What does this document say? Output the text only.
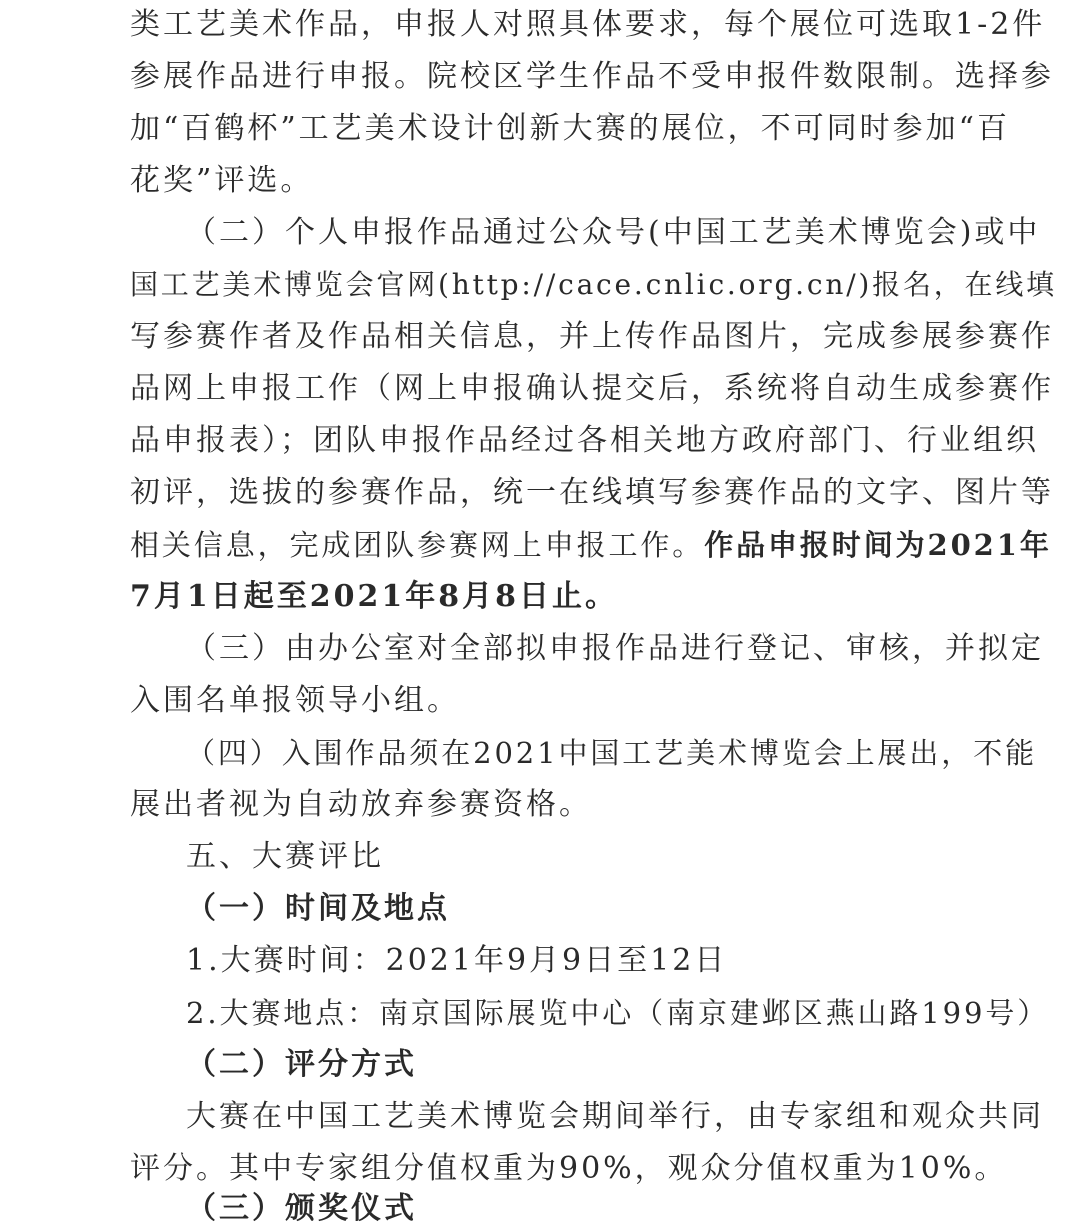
类工艺美术作品，申报人对照具体要求，每个展位可选取1-2件
参展作品进行申报。院校区学生作品不受申报件数限制。选择参
加“百鹤杯”工艺美术设计创新大赛的展位，不可同时参加“百
花奖”评选。
（二）个人申报作品通过公众号(中国工艺美术博览会)或中
国工艺美术博览会官网(http://cace.cnlic.org.cn/)报名，在线填
写参赛作者及作品相关信息，并上传作品图片，完成参展参赛作
品网上申报工作（网上申报确认提交后，系统将自动生成参赛作
品申报表）；团队申报作品经过各相关地方政府部门、行业组织
初评，选拔的参赛作品，统一在线填写参赛作品的文字、图片等
相关信息，完成团队参赛网上申报工作。作品申报时间为2021年
7月1日起至2021年8月8日止。
（三）由办公室对全部拟申报作品进行登记、审核，并拟定
入围名单报领导小组。
（四）入围作品须在2021中国工艺美术博览会上展出，不能
展出者视为自动放弃参赛资格。
五、大赛评比
（一）时间及地点
1.大赛时间：2021年9月9日至12日
2.大赛地点：南京国际展览中心（南京建邺区燕山路199号）
（二）评分方式
大赛在中国工艺美术博览会期间举行，由专家组和观众共同
评分。其中专家组分值权重为90%，观众分值权重为10%。
（三）颁奖仪式
